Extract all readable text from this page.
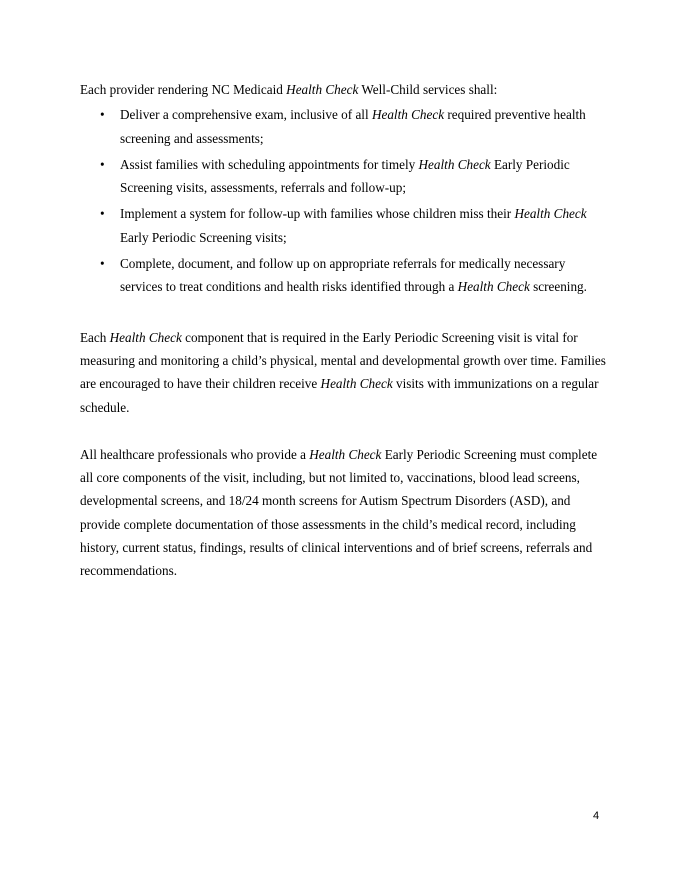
Each provider rendering NC Medicaid Health Check Well-Child services shall:

• Deliver a comprehensive exam, inclusive of all Health Check required preventive health screening and assessments;
• Assist families with scheduling appointments for timely Health Check Early Periodic Screening visits, assessments, referrals and follow-up;
• Implement a system for follow-up with families whose children miss their Health Check Early Periodic Screening visits;
• Complete, document, and follow up on appropriate referrals for medically necessary services to treat conditions and health risks identified through a Health Check screening.

Each Health Check component that is required in the Early Periodic Screening visit is vital for measuring and monitoring a child’s physical, mental and developmental growth over time. Families are encouraged to have their children receive Health Check visits with immunizations on a regular schedule.

All healthcare professionals who provide a Health Check Early Periodic Screening must complete all core components of the visit, including, but not limited to, vaccinations, blood lead screens, developmental screens, and 18/24 month screens for Autism Spectrum Disorders (ASD), and provide complete documentation of those assessments in the child’s medical record, including history, current status, findings, results of clinical interventions and of brief screens, referrals and recommendations.

4
